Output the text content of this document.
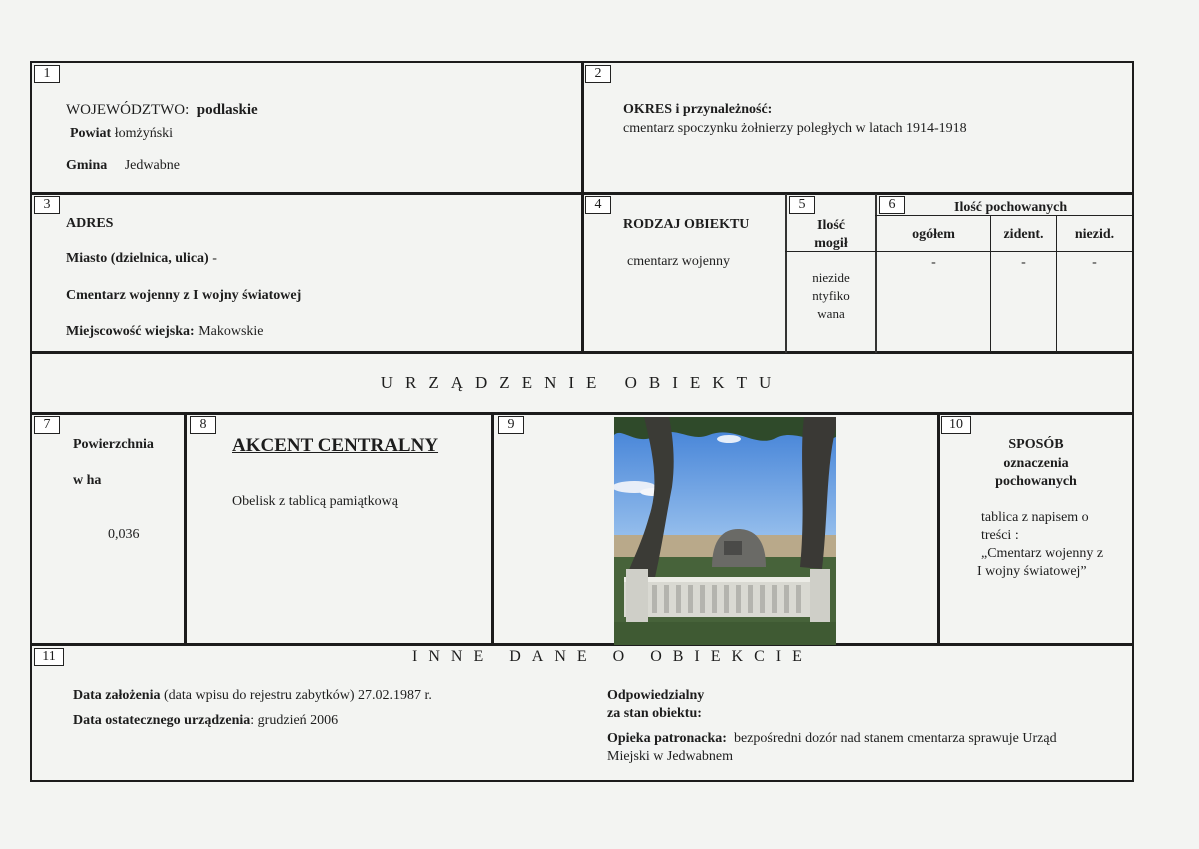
1
WOJEWÓDZTWO: podlaskie
Powiat łomżyński
Gmina Jedwabne
2
OKRES i przynależność:
cmentarz spoczynku żołnierzy poległych w latach 1914-1918
3
ADRES
Miasto (dzielnica, ulica) -
Cmentarz wojenny z I wojny światowej
Miejscowość wiejska: Makowskie
4
RODZAJ OBIEKTU
cmentarz wojenny
5
Ilość
mogił
niezide
ntyfiko
wana
6	Ilość pochowanych
ogółem	zident.	niezid.
-	-	-
URZĄDZENIE OBIEKTU
7
Powierzchnia
w ha
0,036
8
AKCENT CENTRALNY
Obelisk z tablicą pamiątkową
9	10
SPOSÓB
oznaczenia
pochowanych
tablica z napisem o
treści :
„Cmentarz wojenny z
I wojny światowej”
11	INNE DANE O OBIEKCIE
Data założenia (data wpisu do rejestru zabytków) 27.02.1987 r.
Data ostatecznego urządzenia: grudzień 2006
Odpowiedzialny
za stan obiektu:
Opieka patronacka: bezpośredni dozór nad stanem cmentarza sprawuje Urząd
Miejski w Jedwabnem
